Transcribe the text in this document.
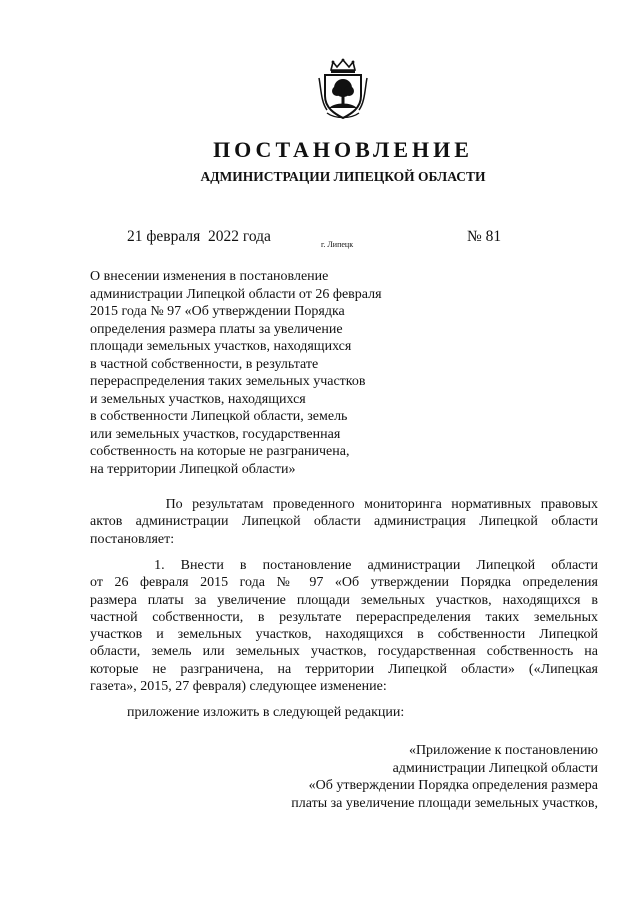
ПОСТАНОВЛЕНИЕ
АДМИНИСТРАЦИИ ЛИПЕЦКОЙ ОБЛАСТИ
21 февраля  2022 года	г. Липецк	№ 81
О внесении изменения в постановление
администрации Липецкой области от 26 февраля
2015 года № 97 «Об утверждении Порядка
определения размера платы за увеличение
площади земельных участков, находящихся
в частной собственности, в результате
перераспределения таких земельных участков
и земельных участков, находящихся
в собственности Липецкой области, земель
или земельных участков, государственная
собственность на которые не разграничена,
на территории Липецкой области»
По результатам проведенного мониторинга нормативных правовых
актов администрации Липецкой области администрация Липецкой области
постановляет:
1.  Внести  в  постановление  администрации  Липецкой  области
от 26 февраля 2015 года № 97 «Об утверждении Порядка определения
размера платы за увеличение площади земельных участков, находящихся в
частной собственности, в результате перераспределения таких земельных
участков и земельных участков, находящихся в собственности Липецкой
области, земель или земельных участков, государственная собственность на
которые не разграничена, на территории Липецкой области» («Липецкая
газета», 2015, 27 февраля) следующее изменение:
приложение изложить в следующей редакции:
«Приложение к постановлению
администрации Липецкой области
«Об утверждении Порядка определения размера
платы за увеличение площади земельных участков,
